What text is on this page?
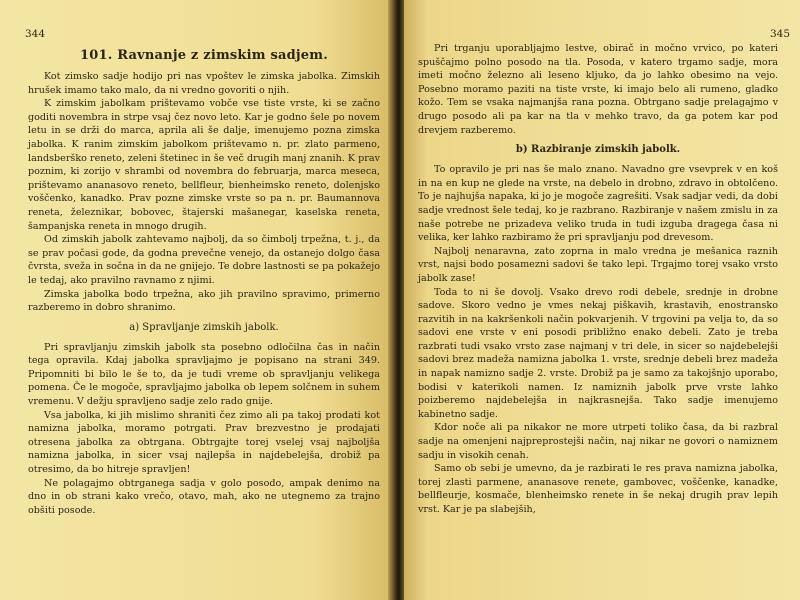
344
101. Ravnanje z zimskim sadjem.

Kot zimsko sadje hodijo pri nas vpoštev le zimska jabolka. Zimskih hrušek imamo tako malo, da ni vredno govoriti o njih.

K zimskim jabolkam prištevamo vobče vse tiste vrste, ki se začno goditi novembra in strpe vsaj čez novo leto. Kar je godno šele po novem letu in se drži do marca, aprila ali še dalje, imenujemo pozna zimska jabolka. K ranim zimskim jabolkom prištevamo n. pr. zlato parmeno, landsberško reneto, zeleni štetinec in še več drugih manj znanih. K prav poznim, ki zorijo v shrambi od novembra do februarja, marca meseca, prištevamo ananasovo reneto, bellfleur, bienheimsko reneto, dolenjsko voščenko, kanadko. Prav pozne zimske vrste so pa n. pr. Baumannova reneta, železnikar, bobovec, štajerski mašanegar, kaselska reneta, šampanjska reneta in mnogo drugih.

Od zimskih jabolk zahtevamo najbolj, da so čimbolj trpežna, t. j., da se prav počasi gode, da godna prevečne venejo, da ostanejo dolgo časa čvrsta, sveža in sočna in da ne gnijejo. Te dobre lastnosti se pa pokažejo le tedaj, ako pravilno ravnamo z njimi.

Zimska jabolka bodo trpežna, ako jih pravilno spravimo, primerno razberemo in dobro shranimo.

a) Spravljanje zimskih jabolk.

Pri spravljanju zimskih jabolk sta posebno odločilna čas in način tega opravila. Kdaj jabolka spravljajmo je popisano na strani 349. Pripomniti bi bilo le še to, da je tudi vreme ob spravljanju velikega pomena. Če le mogoče, spravljajmo jabolka ob lepem solčnem in suhem vremenu. V dežju spravljeno sadje zelo rado gnije.

Vsa jabolka, ki jih mislimo shraniti čez zimo ali pa takoj prodati kot namizna jabolka, moramo potrgati. Prav brezvestno je prodajati otresena jabolka za obtrgana. Obtrgajte torej vselej vsaj najboljša namizna jabolka, in sicer vsaj najlepša in najdebelejša, drobiž pa otresimo, da bo hitreje spravljen!

Ne polagajmo obtrganega sadja v golo posodo, ampak denimo na dno in ob strani kako vrečo, otavo, mah, ako ne utegnemo za trajno obšiti posode.

345

Pri trganju uporabljajmo lestve, obirač in močno vrvico, po kateri spuščajmo polno posodo na tla. Posoda, v katero trgamo sadje, mora imeti močno železno ali leseno kljuko, da jo lahko obesimo na vejo. Posebno moramo paziti na tiste vrste, ki imajo belo ali rumeno, gladko kožo. Tem se vsaka najmanjša rana pozna. Obtrgano sadje prelagajmo v drugo posodo ali pa kar na tla v mehko travo, da ga potem kar pod drevjem razberemo.

b) Razbiranje zimskih jabolk.

To opravilo je pri nas še malo znano. Navadno gre vsevprek v en koš in na en kup ne glede na vrste, na debelo in drobno, zdravo in obtolčeno. To je najhujša napaka, ki jo je mogoče zagrešiti. Vsak sadjar vedi, da dobi sadje vrednost šele tedaj, ko je razbrano. Razbiranje v našem zmislu in za naše potrebe ne prizadeva veliko truda in tudi izguba dragega časa ni velika, ker lahko razbiramo že pri spravljanju pod drevesom.

Najbolj nenaravna, zato zoprna in malo vredna je mešanica raznih vrst, najsi bodo posamezni sadovi še tako lepi. Trgajmo torej vsako vrsto jabolk zase!

Toda to ni še dovolj. Vsako drevo rodi debele, srednje in drobne sadove. Skoro vedno je vmes nekaj piškavih, krastavih, enostransko razvitih in na kakršenkoli način pokvarjenih. V trgovini pa velja to, da so sadovi ene vrste v eni posodi približno enako debeli. Zato je treba razbrati tudi vsako vrsto zase najmanj v tri dele, in sicer so najdebelejši sadovi brez madeža namizna jabolka 1. vrste, srednje debeli brez madeža in napak namizno sadje 2. vrste. Drobiž pa je samo za takojšnjo uporabo, bodisi v katerikoli namen. Iz namiznih jabolk prve vrste lahko poizberemo najdebelejša in najkrasnejša. Tako sadje imenujemo kabinetno sadje.

Kdor noče ali pa nikakor ne more utrpeti toliko časa, da bi razbral sadje na omenjeni najpreprostejši način, naj nikar ne govori o namiznem sadju in visokih cenah.

Samo ob sebi je umevno, da je razbirati le res prava namizna jabolka, torej zlasti parmene, ananasove renete, gambovec, voščenke, kanadke, bellfleurje, kosmače, blenheimsko renete in še nekaj drugih prav lepih vrst. Kar je pa slabejših,
